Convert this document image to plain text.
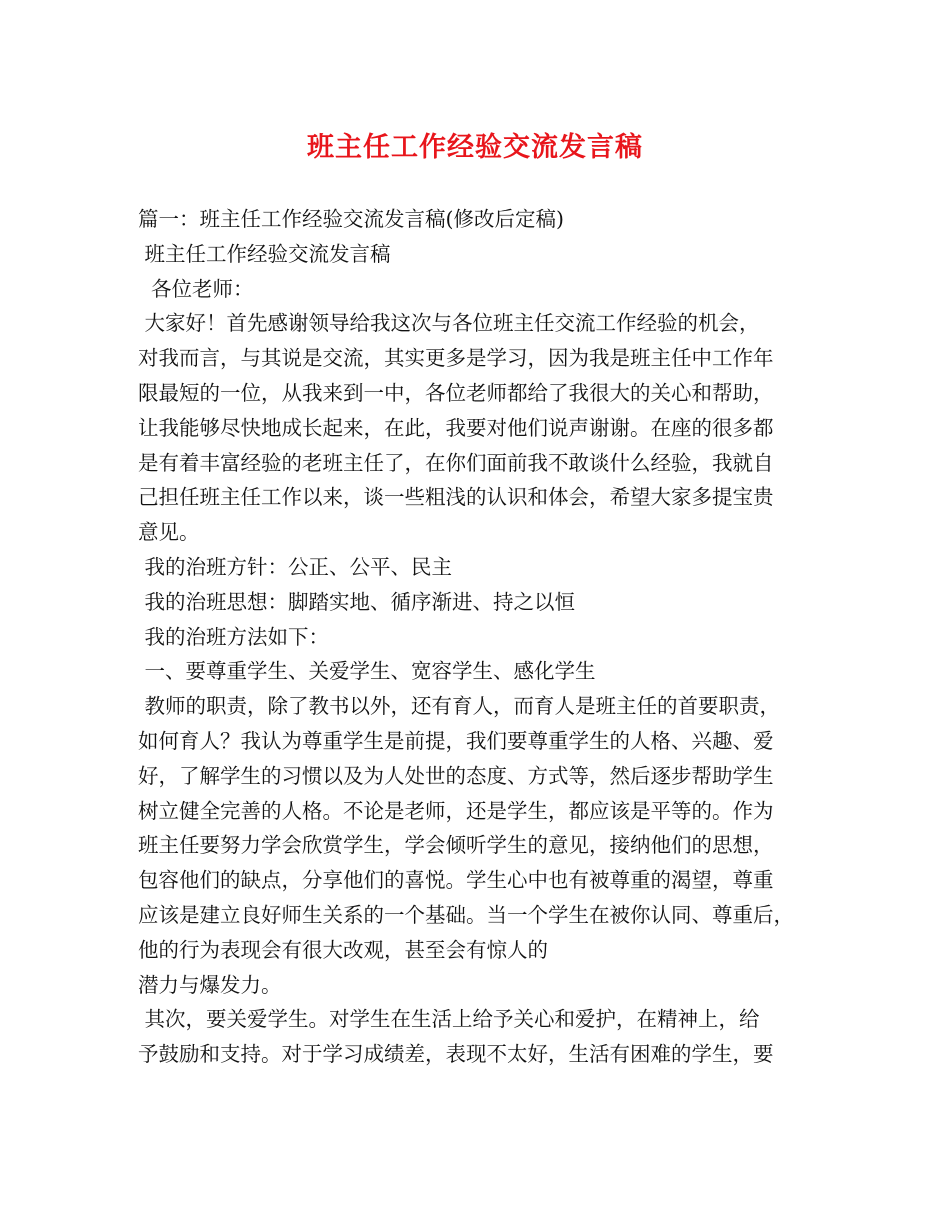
班主任工作经验交流发言稿
篇一：班主任工作经验交流发言稿(修改后定稿)
班主任工作经验交流发言稿
各位老师：
大家好！首先感谢领导给我这次与各位班主任交流工作经验的机会，
对我而言，与其说是交流，其实更多是学习，因为我是班主任中工作年
限最短的一位，从我来到一中，各位老师都给了我很大的关心和帮助，
让我能够尽快地成长起来，在此，我要对他们说声谢谢。在座的很多都
是有着丰富经验的老班主任了，在你们面前我不敢谈什么经验，我就自
己担任班主任工作以来，谈一些粗浅的认识和体会，希望大家多提宝贵
意见。
我的治班方针：公正、公平、民主
我的治班思想：脚踏实地、循序渐进、持之以恒
我的治班方法如下：
一、要尊重学生、关爱学生、宽容学生、感化学生
教师的职责，除了教书以外，还有育人，而育人是班主任的首要职责，
如何育人？我认为尊重学生是前提，我们要尊重学生的人格、兴趣、爱
好，了解学生的习惯以及为人处世的态度、方式等，然后逐步帮助学生
树立健全完善的人格。不论是老师，还是学生，都应该是平等的。作为
班主任要努力学会欣赏学生，学会倾听学生的意见，接纳他们的思想，
包容他们的缺点，分享他们的喜悦。学生心中也有被尊重的渴望，尊重
应该是建立良好师生关系的一个基础。当一个学生在被你认同、尊重后，
他的行为表现会有很大改观，甚至会有惊人的
潜力与爆发力。
其次，要关爱学生。对学生在生活上给予关心和爱护，在精神上，给
予鼓励和支持。对于学习成绩差，表现不太好，生活有困难的学生，要
